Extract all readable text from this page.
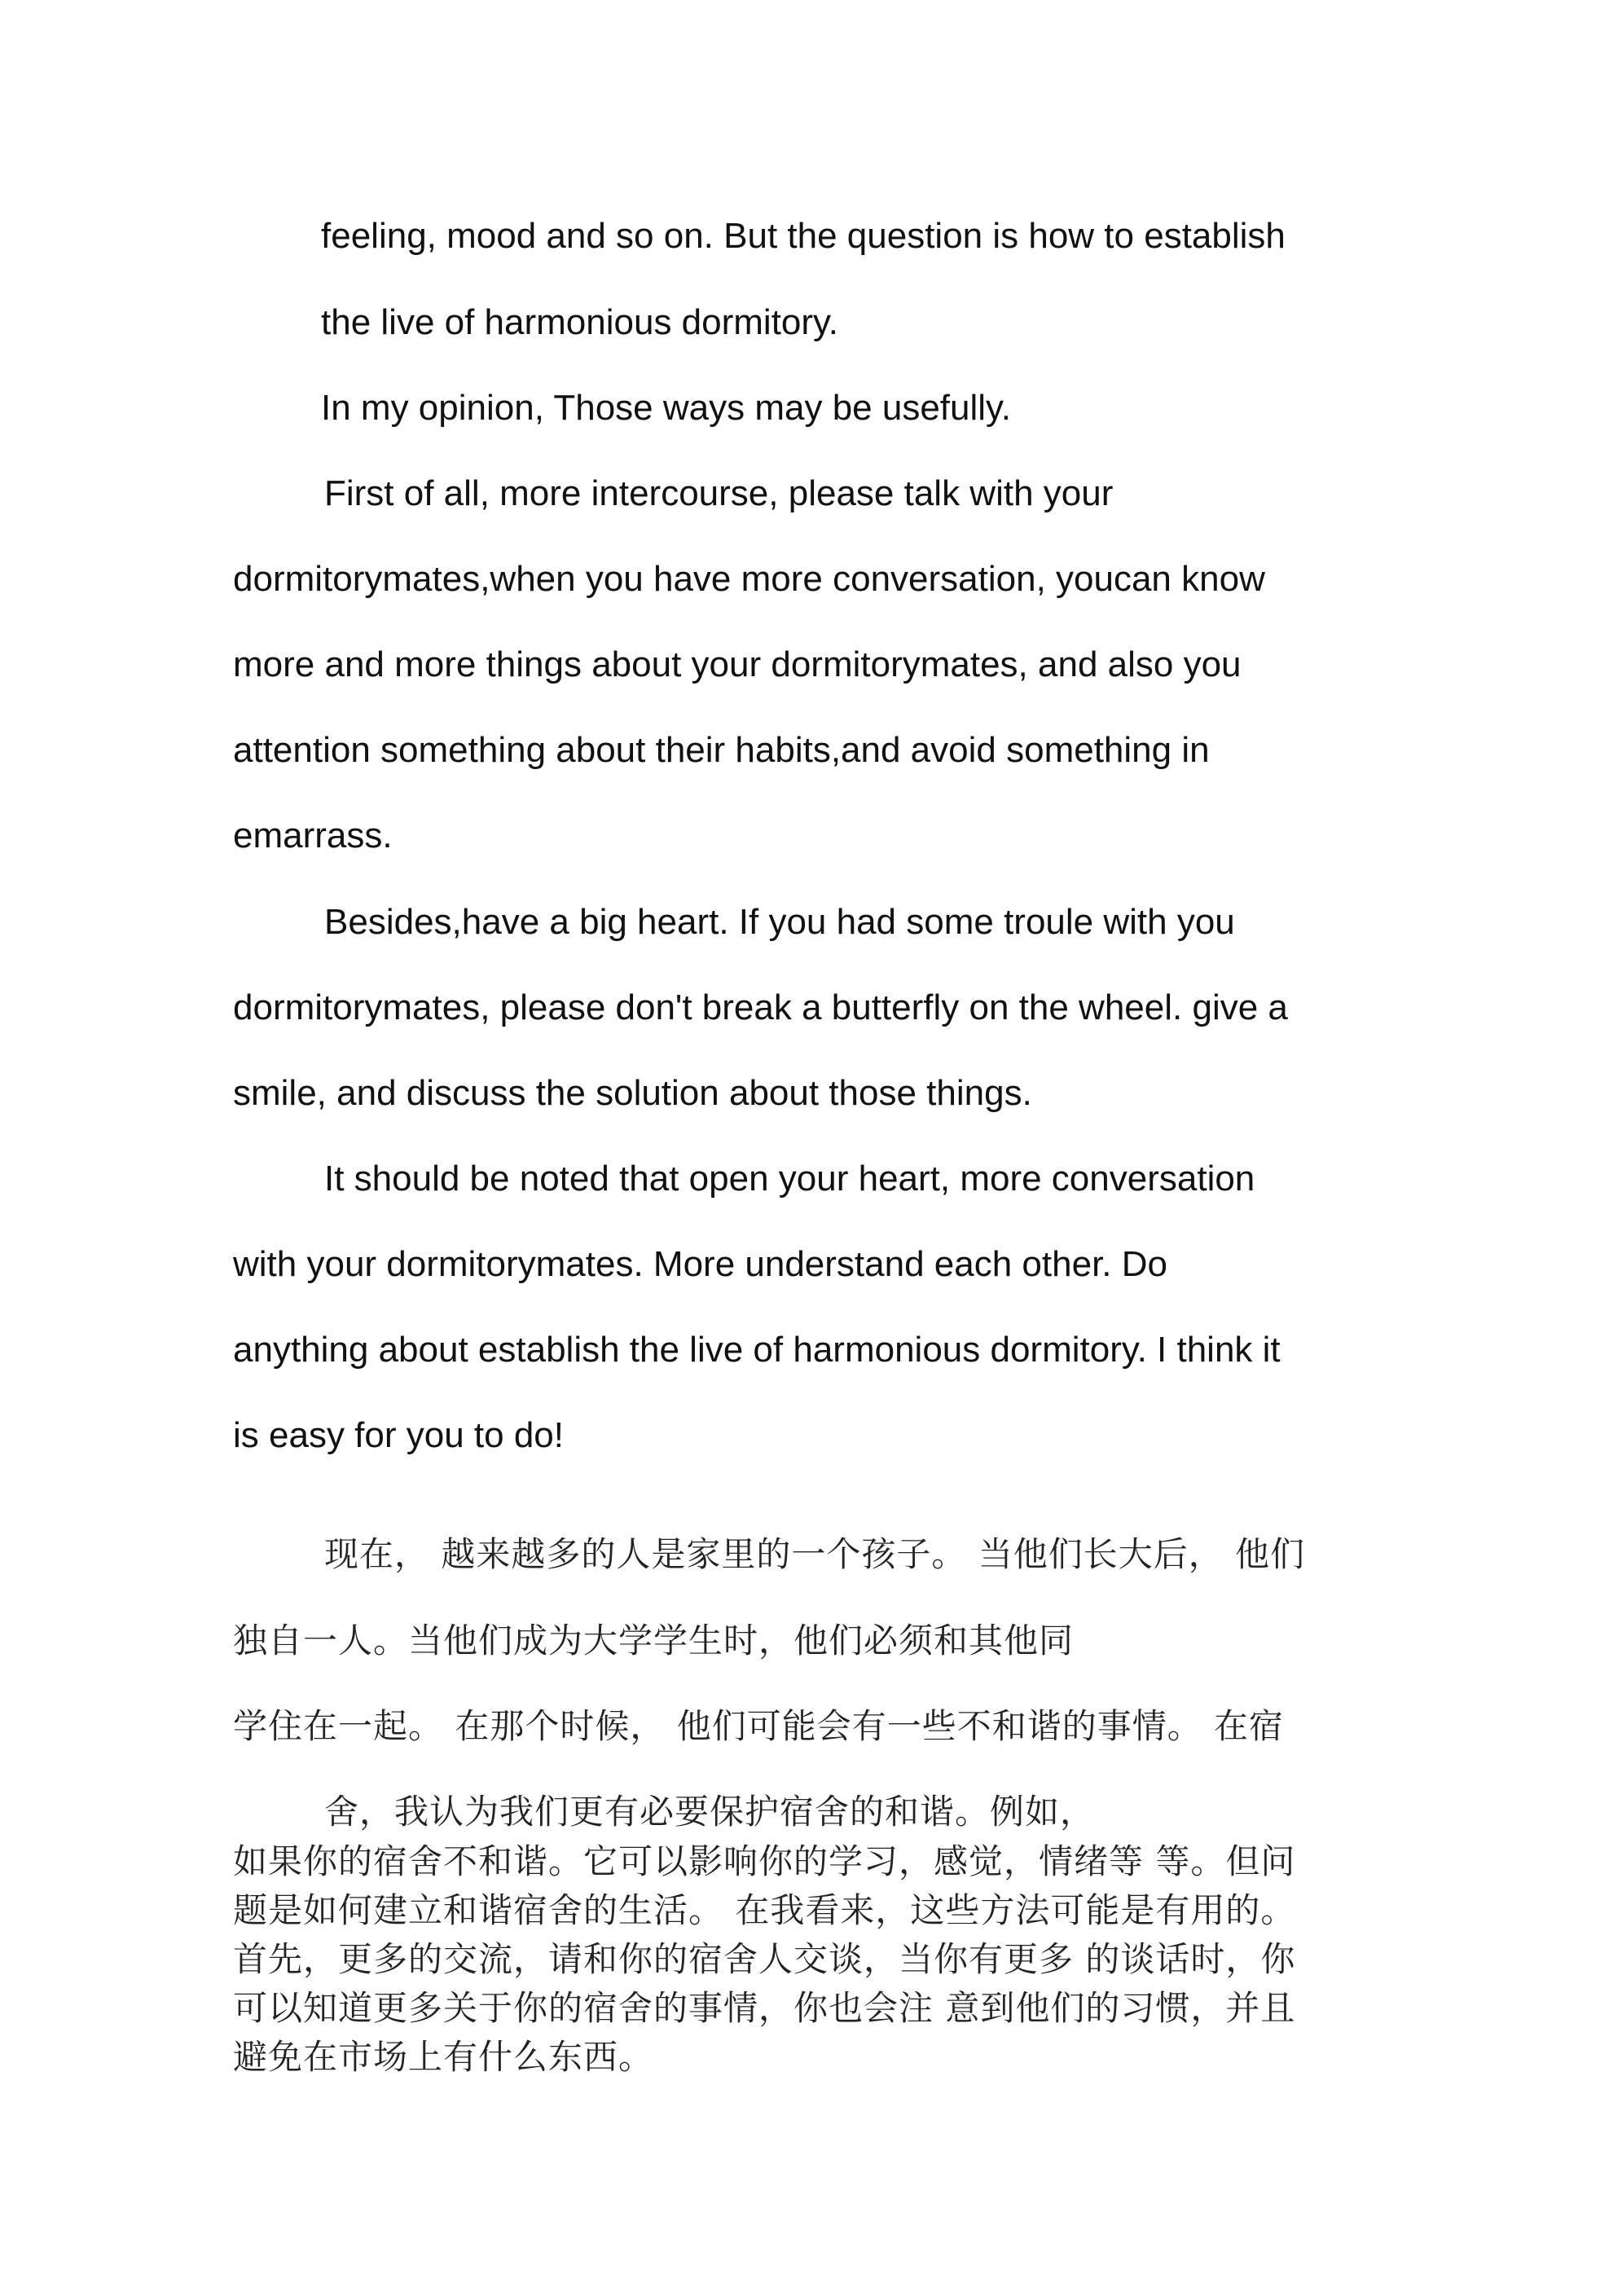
feeling, mood and so on. But the question is how to establish

the live of harmonious dormitory.

In my opinion, Those ways may be usefully.

First of all, more intercourse, please talk with your

dormitorymates,when you have more conversation, youcan know

more and more things about your dormitorymates, and also you

attention something about their habits,and avoid something in

emarrass.

Besides,have a big heart. If you had some troule with you

dormitorymates, please don't break a butterfly on the wheel. give a

smile, and discuss the solution about those things.

It should be noted that open your heart, more conversation

with your dormitorymates. More understand each other. Do

anything about establish the live of harmonious dormitory. I think it

is easy for you to do!

现在， 越来越多的人是家里的一个孩子。 当他们长大后， 他们

独自一人。当他们成为大学学生时，他们必须和其他同

学住在一起。 在那个时候， 他们可能会有一些不和谐的事情。 在宿

舍，我认为我们更有必要保护宿舍的和谐。例如，

如果你的宿舍不和谐。它可以影响你的学习，感觉，情绪等 等。但问

题是如何建立和谐宿舍的生活。 在我看来，这些方法可能是有用的。

首先，更多的交流，请和你的宿舍人交谈，当你有更多 的谈话时，你

可以知道更多关于你的宿舍的事情，你也会注 意到他们的习惯，并且

避免在市场上有什么东西。
